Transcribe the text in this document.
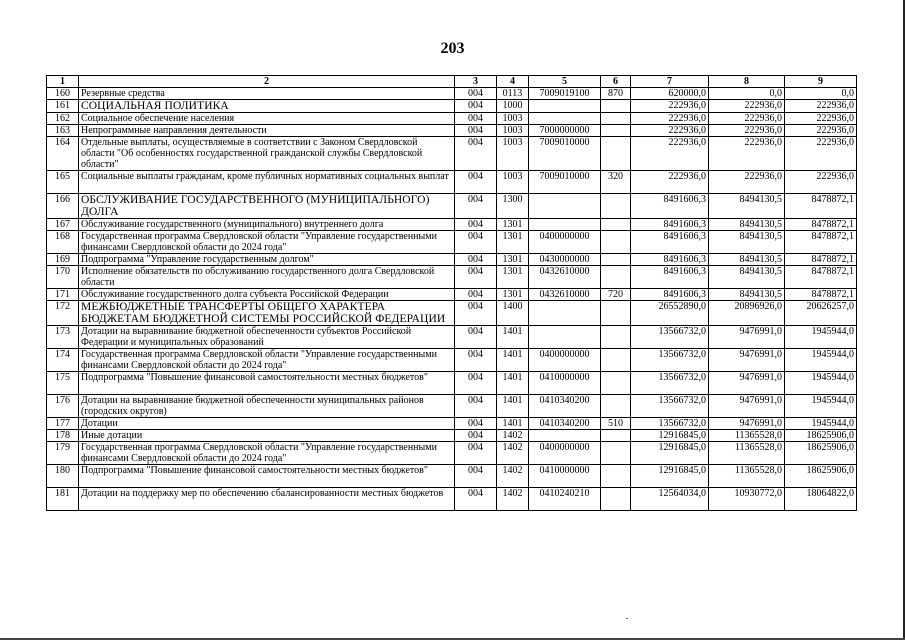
203
1	2	3	4	5	6	7	8	9
160	Резервные средства	004	0113	7009019100	870	620000,0	0,0	0,0
161	СОЦИАЛЬНАЯ ПОЛИТИКА	004	1000			222936,0	222936,0	222936,0
162	Социальное обеспечение населения	004	1003			222936,0	222936,0	222936,0
163	Непрограммные направления деятельности	004	1003	7000000000		222936,0	222936,0	222936,0
164	Отдельные выплаты, осуществляемые в соответствии с Законом Свердловской области "Об особенностях государственной гражданской службы Свердловской области"	004	1003	7009010000		222936,0	222936,0	222936,0
165	Социальные выплаты гражданам, кроме публичных нормативных социальных выплат	004	1003	7009010000	320	222936,0	222936,0	222936,0
166	ОБСЛУЖИВАНИЕ ГОСУДАРСТВЕННОГО (МУНИЦИПАЛЬНОГО) ДОЛГА	004	1300			8491606,3	8494130,5	8478872,1
167	Обслуживание государственного (муниципального) внутреннего долга	004	1301			8491606,3	8494130,5	8478872,1
168	Государственная программа Свердловской области "Управление государственными финансами Свердловской области до 2024 года"	004	1301	0400000000		8491606,3	8494130,5	8478872,1
169	Подпрограмма "Управление государственным долгом"	004	1301	0430000000		8491606,3	8494130,5	8478872,1
170	Исполнение обязательств по обслуживанию государственного долга Свердловской области	004	1301	0432610000		8491606,3	8494130,5	8478872,1
171	Обслуживание государственного долга субъекта Российской Федерации	004	1301	0432610000	720	8491606,3	8494130,5	8478872,1
172	МЕЖБЮДЖЕТНЫЕ ТРАНСФЕРТЫ ОБЩЕГО ХАРАКТЕРА БЮДЖЕТАМ БЮДЖЕТНОЙ СИСТЕМЫ РОССИЙСКОЙ ФЕДЕРАЦИИ	004	1400			26552890,0	20896926,0	20626257,0
173	Дотации на выравнивание бюджетной обеспеченности субъектов Российской Федерации и муниципальных образований	004	1401			13566732,0	9476991,0	1945944,0
174	Государственная программа Свердловской области "Управление государственными финансами Свердловской области до 2024 года"	004	1401	0400000000		13566732,0	9476991,0	1945944,0
175	Подпрограмма "Повышение финансовой самостоятельности местных бюджетов"	004	1401	0410000000		13566732,0	9476991,0	1945944,0
176	Дотации на выравнивание бюджетной обеспеченности муниципальных районов (городских округов)	004	1401	0410340200		13566732,0	9476991,0	1945944,0
177	Дотации	004	1401	0410340200	510	13566732,0	9476991,0	1945944,0
178	Иные дотации	004	1402			12916845,0	11365528,0	18625906,0
179	Государственная программа Свердловской области "Управление государственными финансами Свердловской области до 2024 года"	004	1402	0400000000		12916845,0	11365528,0	18625906,0
180	Подпрограмма "Повышение финансовой самостоятельности местных бюджетов"	004	1402	0410000000		12916845,0	11365528,0	18625906,0
181	Дотации на поддержку мер по обеспечению сбалансированности местных бюджетов	004	1402	0410240210		12564034,0	10930772,0	18064822,0
